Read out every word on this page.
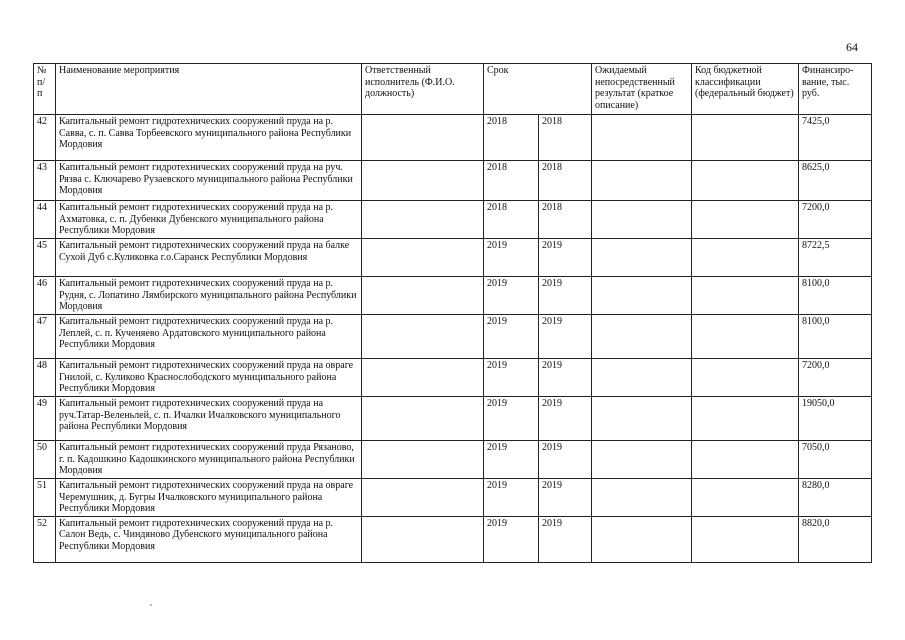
64
№ п/ п	Наименование мероприятия	Ответственный исполнитель (Ф.И.О. должность)	Срок		Ожидаемый непосредственный результат (краткое описание)	Код бюджетной классификации (федеральный бюджет)	Финансиро-вание, тыс. руб.
42	Капитальный ремонт гидротехнических сооружений пруда на р. Савва, с. п. Савва Торбеевского муниципального района Республики Мордовия		2018	2018			7425,0
43	Капитальный ремонт гидротехнических сооружений пруда на руч. Рязва с. Ключарево Рузаевского муниципального района Республики Мордовия		2018	2018			8625,0
44	Капитальный ремонт гидротехнических сооружений пруда на р. Ахматовка, с. п. Дубенки Дубенского муниципального района Республики Мордовия		2018	2018			7200,0
45	Капитальный ремонт гидротехнических сооружений пруда на балке Сухой Дуб с.Куликовка г.о.Саранск Республики Мордовия		2019	2019			8722,5
46	Капитальный ремонт гидротехнических сооружений пруда на р. Рудня, с. Лопатино Лямбирского муниципального района Республики Мордовия		2019	2019			8100,0
47	Капитальный ремонт гидротехнических сооружений пруда на р. Леплей, с. п. Кученяево Ардатовского муниципального района Республики Мордовия		2019	2019			8100,0
48	Капитальный ремонт гидротехнических сооружений пруда на овраге Гнилой, с. Куликово Краснослободского муниципального района Республики Мордовия		2019	2019			7200,0
49	Капитальный ремонт гидротехнических сооружений пруда на руч.Татар-Веленьлей, с. п. Ичалки Ичалковского муниципального района Республики Мордовия		2019	2019			19050,0
50	Капитальный ремонт гидротехнических сооружений пруда Рязаново, г. п. Кадошкино Кадошкинского муниципального района Республики Мордовия		2019	2019			7050,0
51	Капитальный ремонт гидротехнических сооружений пруда на овраге Черемушник, д. Бугры Ичалковского муниципального района Республики Мордовия		2019	2019			8280,0
52	Капитальный ремонт гидротехнических сооружений пруда на р. Салон Ведь, с. Чиндяново Дубенского муниципального района Республики Мордовия		2019	2019			8820,0
